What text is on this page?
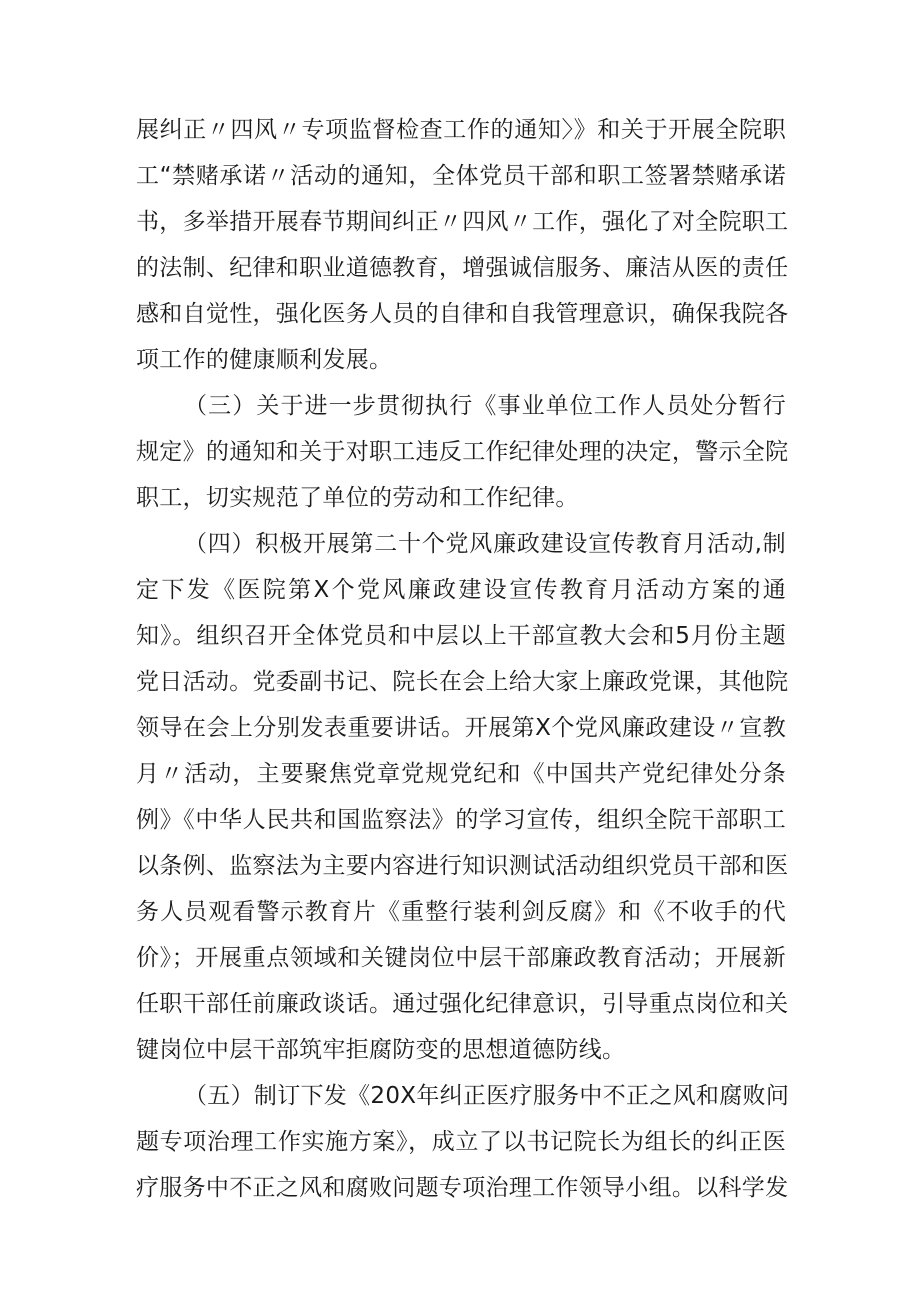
展纠正〃四风〃专项监督检查工作的通知〉》和关于开展全院职
工“禁赌承诺〃活动的通知，全体党员干部和职工签署禁赌承诺
书，多举措开展春节期间纠正〃四风〃工作，强化了对全院职工
的法制、纪律和职业道德教育，增强诚信服务、廉洁从医的责任
感和自觉性，强化医务人员的自律和自我管理意识，确保我院各
项工作的健康顺利发展。
（三）关于进一步贯彻执行《事业单位工作人员处分暂行
规定》的通知和关于对职工违反工作纪律处理的决定，警示全院
职工，切实规范了单位的劳动和工作纪律。
（四）积极开展第二十个党风廉政建设宣传教育月活动,制
定下发《医院第X个党风廉政建设宣传教育月活动方案的通
知》。组织召开全体党员和中层以上干部宣教大会和5月份主题
党日活动。党委副书记、院长在会上给大家上廉政党课，其他院
领导在会上分别发表重要讲话。开展第X个党风廉政建设〃宣教
月〃活动，主要聚焦党章党规党纪和《中国共产党纪律处分条
例》《中华人民共和国监察法》的学习宣传，组织全院干部职工
以条例、监察法为主要内容进行知识测试活动组织党员干部和医
务人员观看警示教育片《重整行装利剑反腐》和《不收手的代
价》；开展重点领域和关键岗位中层干部廉政教育活动；开展新
任职干部任前廉政谈话。通过强化纪律意识，引导重点岗位和关
键岗位中层干部筑牢拒腐防变的思想道德防线。
（五）制订下发《20X年纠正医疗服务中不正之风和腐败问
题专项治理工作实施方案》，成立了以书记院长为组长的纠正医
疗服务中不正之风和腐败问题专项治理工作领导小组。以科学发
